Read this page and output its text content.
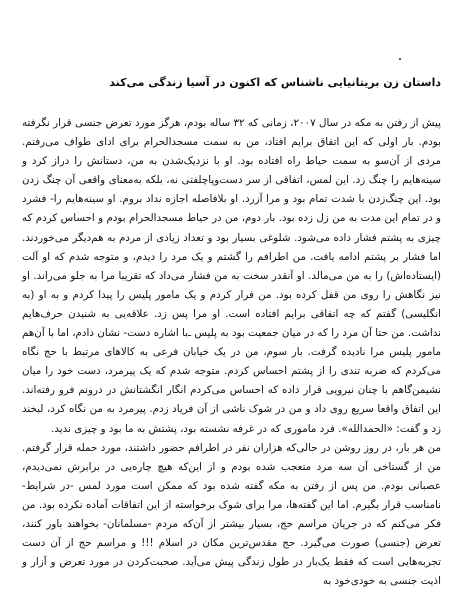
داستان زن بریتانیایی ناشناس که اکنون در آسیا زندگی می‌کند

پیش از رفتن به مکه در سال ۲۰۰۷، زمانی که ۳۲ ساله بودم، هرگز مورد تعرض جنسی قرار نگرفته بودم. بار اولی که این اتفاق برایم افتاد، من به سمت مسجدالحرام برای ادای طواف می‌رفتم. مردی از آن‌سو به سمت حیاط راه افتاده بود. او با نزدیک‌شدن به من، دستانش را دراز کرد و سینه‌هایم را چنگ زد. این لمس، اتفاقی از سر دست‌وپاچلفتی نه، بلکه به‌معنای واقعی آن چنگ زدن بود. این چنگ‌زدن با شدت تمام بود و مرا آزرد. او بلافاصله اجازه نداد بروم. او سینه‌هایم را- فشرد و در تمام این مدت به من زل زده بود. بار دوم، من در حیاط مسجدالحرام بودم و احساس کردم که چیزی به پشتم فشار داده می‌شود. شلوغی بسیار بود و تعداد زیادی از مردم به هم‌دیگر می‌خوردند. اما فشار بر پشتم ادامه یافت. من اطرافم را گشتم و یک مرد را دیدم، و متوجه شدم که او آلت (ایستاده‌اش) را به من می‌مالد. او آنقدر سخت به من فشار می‌داد که تقریبا مرا به جلو می‌راند. او نیز نگاهش را روی من قفل کرده بود. من فرار کردم و یک مامور پلیس را پیدا کردم و به او (به انگلیسی) گفتم که چه اتفاقی برایم افتاده است. او مرا پس زد. علاقه‌یی به شنیدن حرف‌هایم نداشت. من حتا آن مرد را که در میان جمعیت بود به پلیس ـ‌با اشاره دست- نشان دادم، اما با آن‌هم مامور پلیس مرا نادیده گرفت. بار سوم، من در یک خیابان فرعی به کالاهای مرتبط با حج نگاه می‌کردم که ضربه تندی را از پشتم احساس کردم. متوجه شدم که یک پیرمرد، دست خود را میان نشیمن‌گاهم با چنان نیرویی قرار داده که احساس می‌کردم انگار انگشتانش در درونم فرو رفته‌اند. این اتفاق واقعا سریع روی داد و من در شوک ناشی از آن فریاد زدم. پیرمرد به من نگاه کرد، لبخند زد و گفت: «الحمدالله». فرد ماموری که در غرفه نشسته بود، پشتش به ما بود و چیزی ندید.

من هر بار، در روز روشن در حالی‌که هزاران نفر در اطرافم حضور داشتند، مورد حمله قرار گرفتم. من از گستاخی آن سه مرد متعجب شده بودم و از این‌که هیچ چاره‌یی در برابرش نمی‌دیدم، عصبانی بودم. من پس از رفتن به مکه گفته شده بود که ممکن است مورد لمس -در شرایط- نامناسب قرار بگیرم. اما این گفته‌ها، مرا برای شوک برخواسته از این اتفاقات آماده نکرده بود. من فکر می‌کنم که در جریان مراسم حج، بسیار بیشتر از آن‌که مردم -مسلمانان- بخواهند باور کنند، تعرض (جنسی) صورت می‌گیرد. حج مقدس‌ترین مکان در اسلام !!! و مراسم حج از آن دست تجربه‌هایی است که فقط یک‌بار در طول زندگی پیش می‌آید. صحبت‌کردن در مورد تعرض و آزار و اذیت جنسی به خودی‌خود به
